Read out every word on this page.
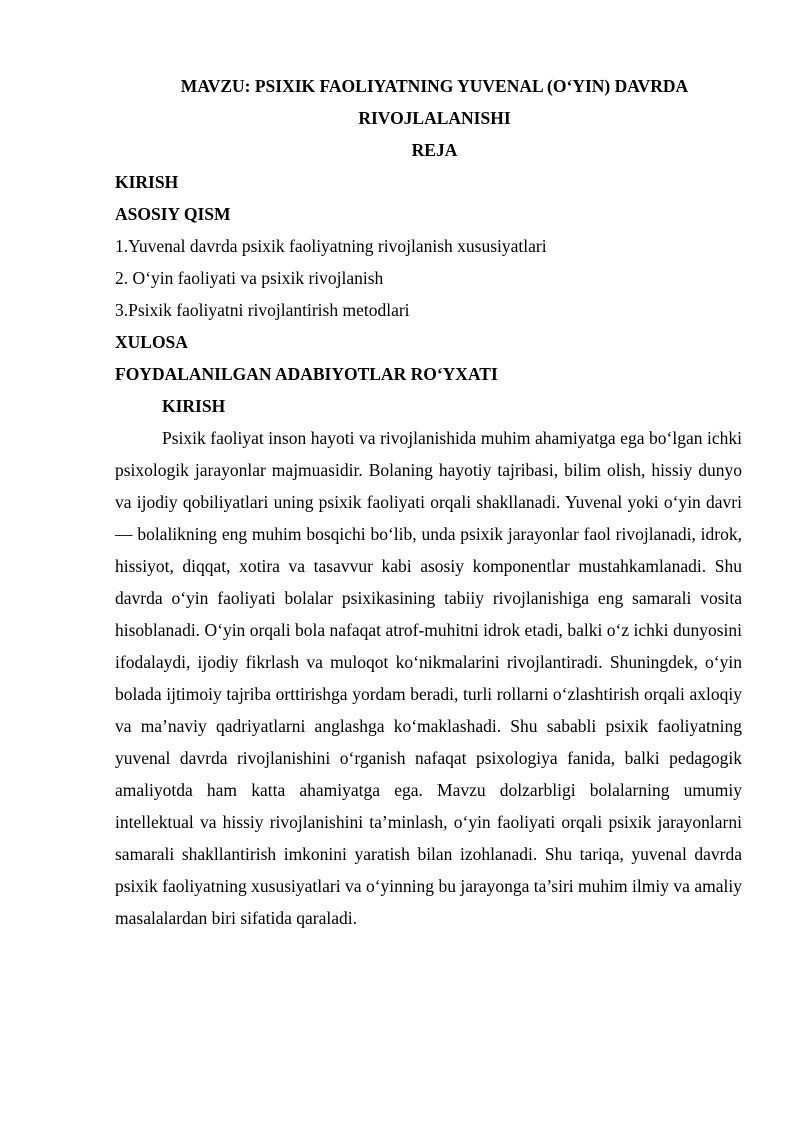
MAVZU: PSIXIK FAOLIYATNING YUVENAL (O‘YIN) DAVRDA RIVOJLALANISHI
REJA

KIRISH

ASOSIY QISM

1.Yuvenal davrda psixik faoliyatning rivojlanish xususiyatlari

2. O‘yin faoliyati va psixik rivojlanish

3.Psixik faoliyatni rivojlantirish metodlari

XULOSA

FOYDALANILGAN ADABIYOTLAR RO‘YXATI

KIRISH

Psixik faoliyat inson hayoti va rivojlanishida muhim ahamiyatga ega bo‘lgan ichki psixologik jarayonlar majmuasidir. Bolaning hayotiy tajribasi, bilim olish, hissiy dunyo va ijodiy qobiliyatlari uning psixik faoliyati orqali shakllanadi. Yuvenal yoki o‘yin davri — bolalikning eng muhim bosqichi bo‘lib, unda psixik jarayonlar faol rivojlanadi, idrok, hissiyot, diqqat, xotira va tasavvur kabi asosiy komponentlar mustahkamlanadi. Shu davrda o‘yin faoliyati bolalar psixikasining tabiiy rivojlanishiga eng samarali vosita hisoblanadi. O‘yin orqali bola nafaqat atrof-muhitni idrok etadi, balki o‘z ichki dunyosini ifodalaydi, ijodiy fikrlash va muloqot ko‘nikmalarini rivojlantiradi. Shuningdek, o‘yin bolada ijtimoiy tajriba orttirishga yordam beradi, turli rollarni o‘zlashtirish orqali axloqiy va ma’naviy qadriyatlarni anglashga ko‘maklashadi. Shu sababli psixik faoliyatning yuvenal davrda rivojlanishini o‘rganish nafaqat psixologiya fanida, balki pedagogik amaliyotda ham katta ahamiyatga ega. Mavzu dolzarbligi bolalarning umumiy intellektual va hissiy rivojlanishini ta’minlash, o‘yin faoliyati orqali psixik jarayonlarni samarali shakllantirish imkonini yaratish bilan izohlanadi. Shu tariqa, yuvenal davrda psixik faoliyatning xususiyatlari va o‘yinning bu jarayonga ta’siri muhim ilmiy va amaliy masalalardan biri sifatida qaraladi.
